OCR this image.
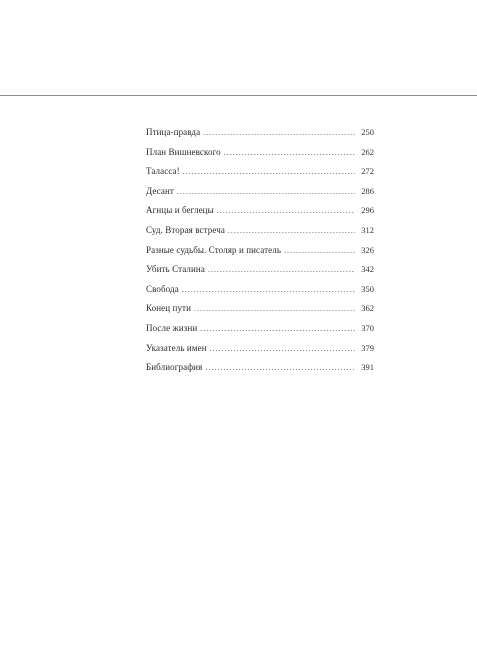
Птица-правда . . .	250
План Вишневского . . .	262
Таласса! . . .	272
Десант . . .	286
Агнцы и беглецы . . .	296
Суд. Вторая встреча . . .	312
Разные судьбы. Столяр и писатель . . .	326
Убить Сталина . . .	342
Свобода . . .	350
Конец пути . . .	362
После жизни . . .	370
Указатель имен . . .	379
Библиография . . .	391
